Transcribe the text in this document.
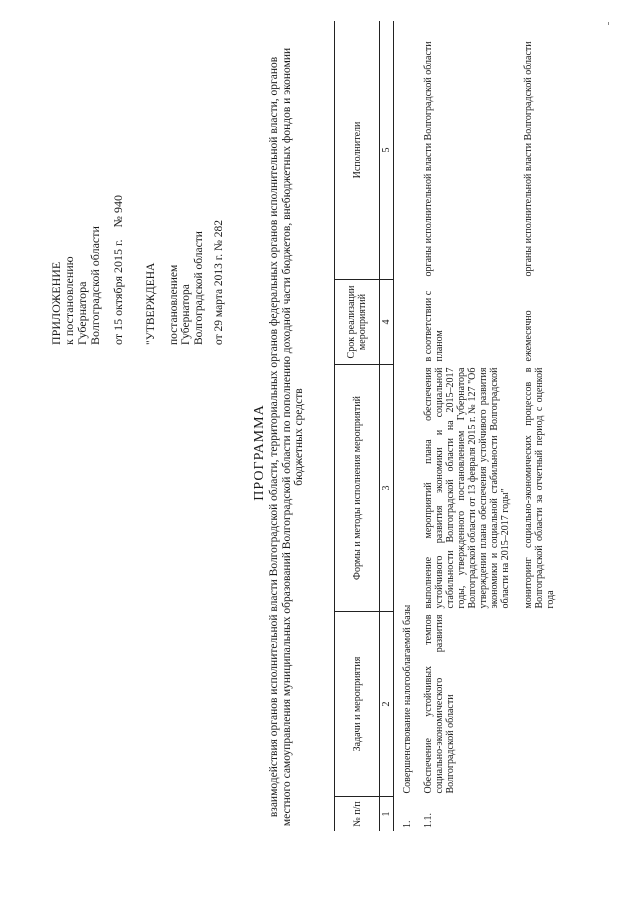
ПРИЛОЖЕНИЕ к постановлению Губернатора Волгоградской области от 15 октября 2015 г.    № 940 "УТВЕРЖДЕНА постановлением Губернатора Волгоградской области от 29 марта 2013 г. № 282
ПРОГРАММА взаимодействия органов исполнительной власти Волгоградской области, территориальных органов федеральных органов исполнительной власти, органов местного самоуправления муниципальных образований Волгоградской области по пополнению доходной части бюджетов, внебюджетных фондов и экономии бюджетных средств
№ п/п	Задачи и мероприятия	Формы и методы исполнения мероприятий	Срок реализации мероприятий	Исполнители
1	2	3	4	5
1.	Совершенствование налогооблагаемой базы			
1.1.	Обеспечение устойчивых темпов социально-экономического развития Волгоградской области	выполнение мероприятий плана обеспечения устойчивого развития экономики и социальной стабильности Волгоградской области на 2015–2017 годы, утвержденного постановлением Губернатора Волгоградской области от 13 февраля 2015 г. № 127 "Об утверждении плана обеспечения устойчивого развития экономики и социальной стабильности Волгоградской области на 2015–2017 годы"	в соответствии с планом	органы исполнительной власти Волгоградской области
		мониторинг социально-экономических процессов в Волгоградской области за отчетный период с оценкой года	ежемесячно	органы исполнительной власти Волгоградской области
